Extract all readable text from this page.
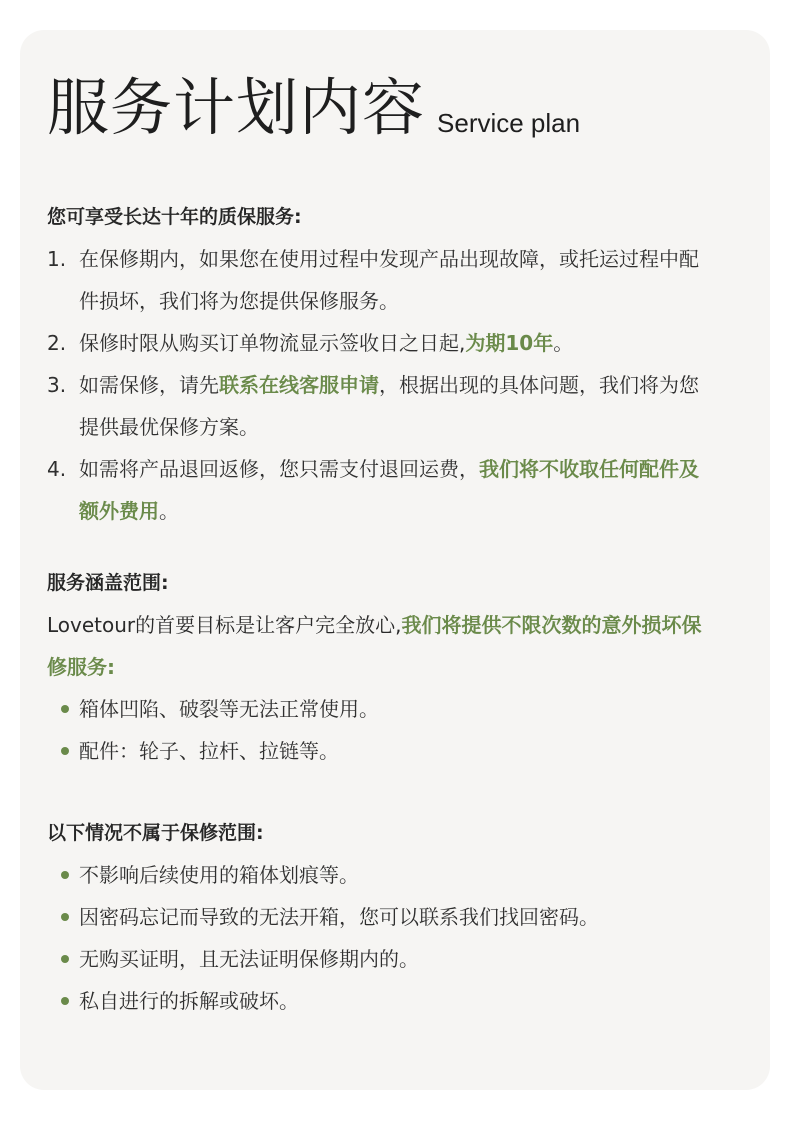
服务计划内容 Service plan
您可享受长达十年的质保服务:
1. 在保修期内，如果您在使用过程中发现产品出现故障，或托运过程中配件损坏，我们将为您提供保修服务。
2. 保修时限从购买订单物流显示签收日之日起,为期10年。
3. 如需保修，请先联系在线客服申请，根据出现的具体问题，我们将为您提供最优保修方案。
4. 如需将产品退回返修，您只需支付退回运费，我们将不收取任何配件及额外费用。
服务涵盖范围:
Lovetour的首要目标是让客户完全放心,我们将提供不限次数的意外损坏保修服务:
箱体凹陷、破裂等无法正常使用。
配件：轮子、拉杆、拉链等。
以下情况不属于保修范围:
不影响后续使用的箱体划痕等。
因密码忘记而导致的无法开箱，您可以联系我们找回密码。
无购买证明，且无法证明保修期内的。
私自进行的拆解或破坏。
